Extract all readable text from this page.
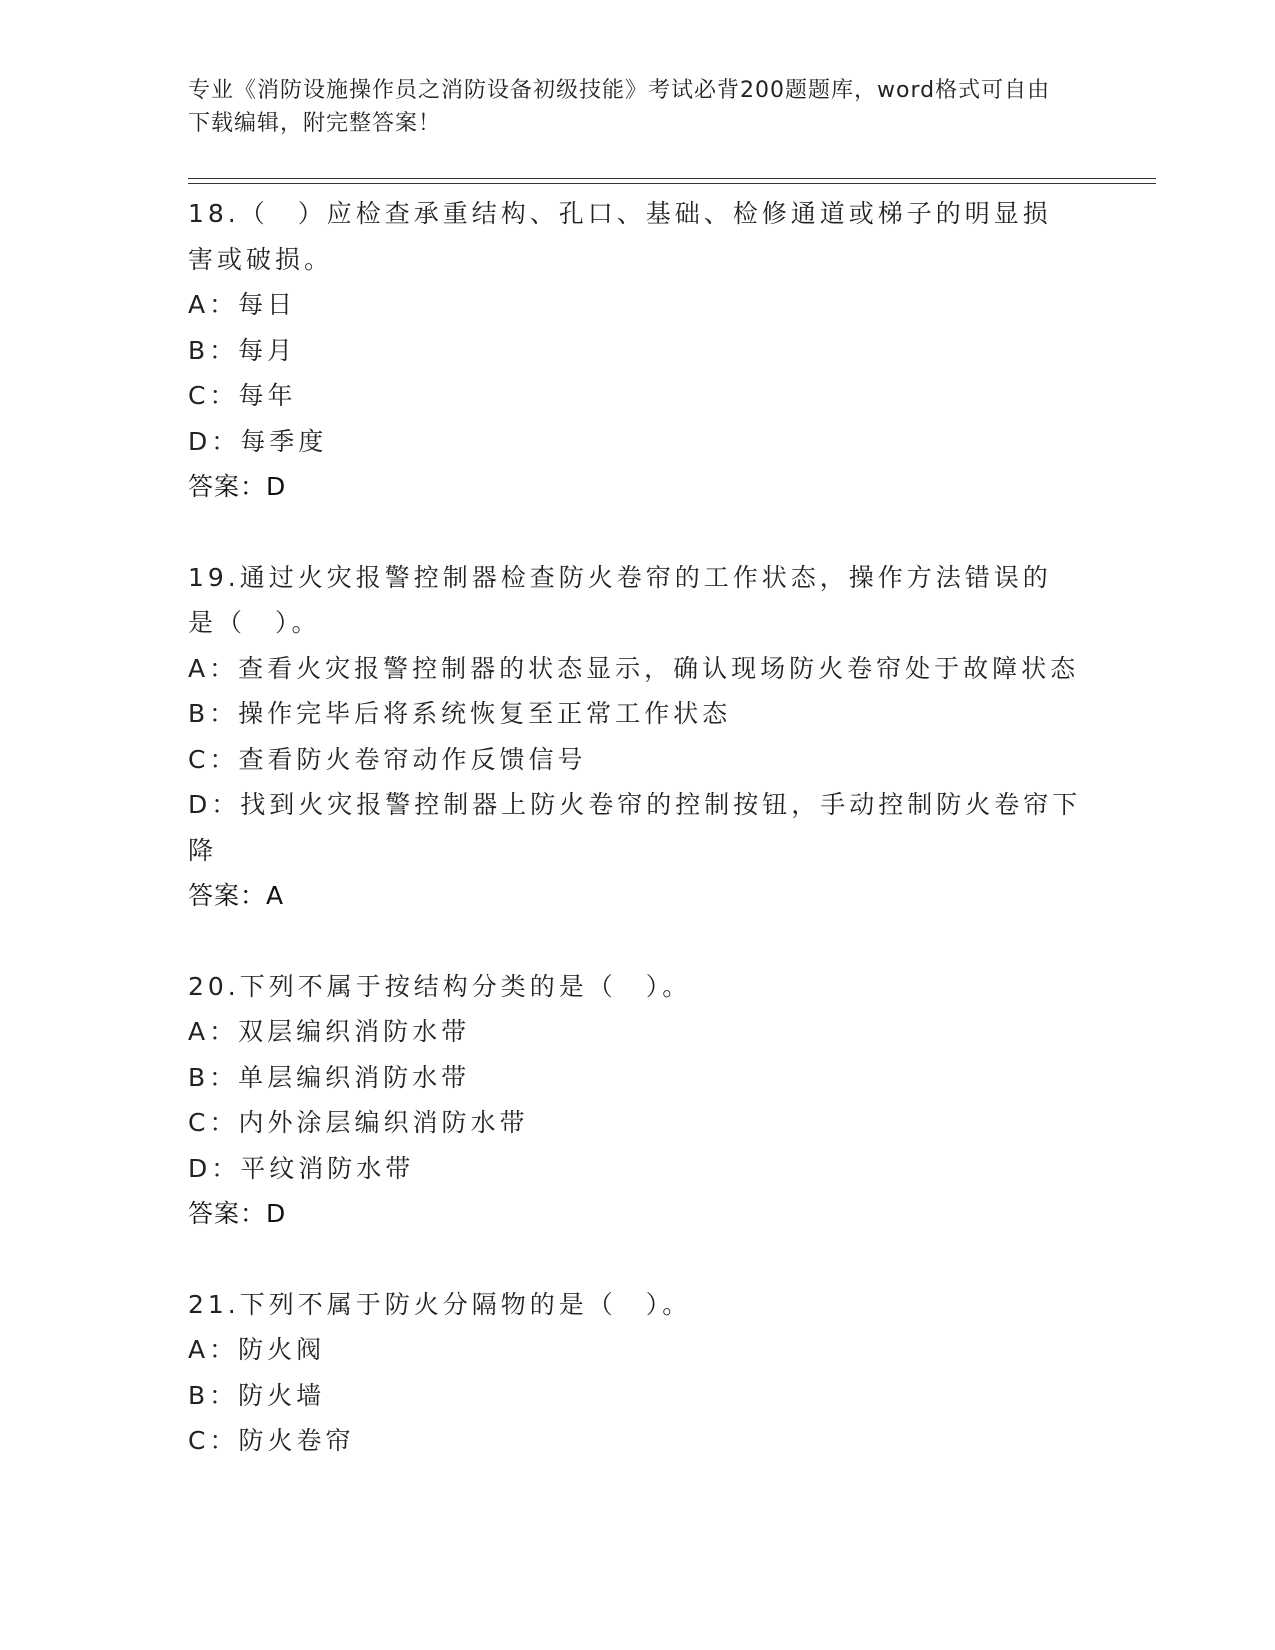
专业《消防设施操作员之消防设备初级技能》考试必背200题题库，word格式可自由下载编辑，附完整答案！

18.（　）应检查承重结构、孔口、基础、检修通道或梯子的明显损害或破损。

A：每日

B：每月

C：每年

D：每季度

答案：D

19.通过火灾报警控制器检查防火卷帘的工作状态，操作方法错误的是（　）。

A：查看火灾报警控制器的状态显示，确认现场防火卷帘处于故障状态

B：操作完毕后将系统恢复至正常工作状态

C：查看防火卷帘动作反馈信号

D：找到火灾报警控制器上防火卷帘的控制按钮，手动控制防火卷帘下降

答案：A

20.下列不属于按结构分类的是（　）。

A：双层编织消防水带

B：单层编织消防水带

C：内外涂层编织消防水带

D：平纹消防水带

答案：D

21.下列不属于防火分隔物的是（　）。

A：防火阀

B：防火墙

C：防火卷帘
